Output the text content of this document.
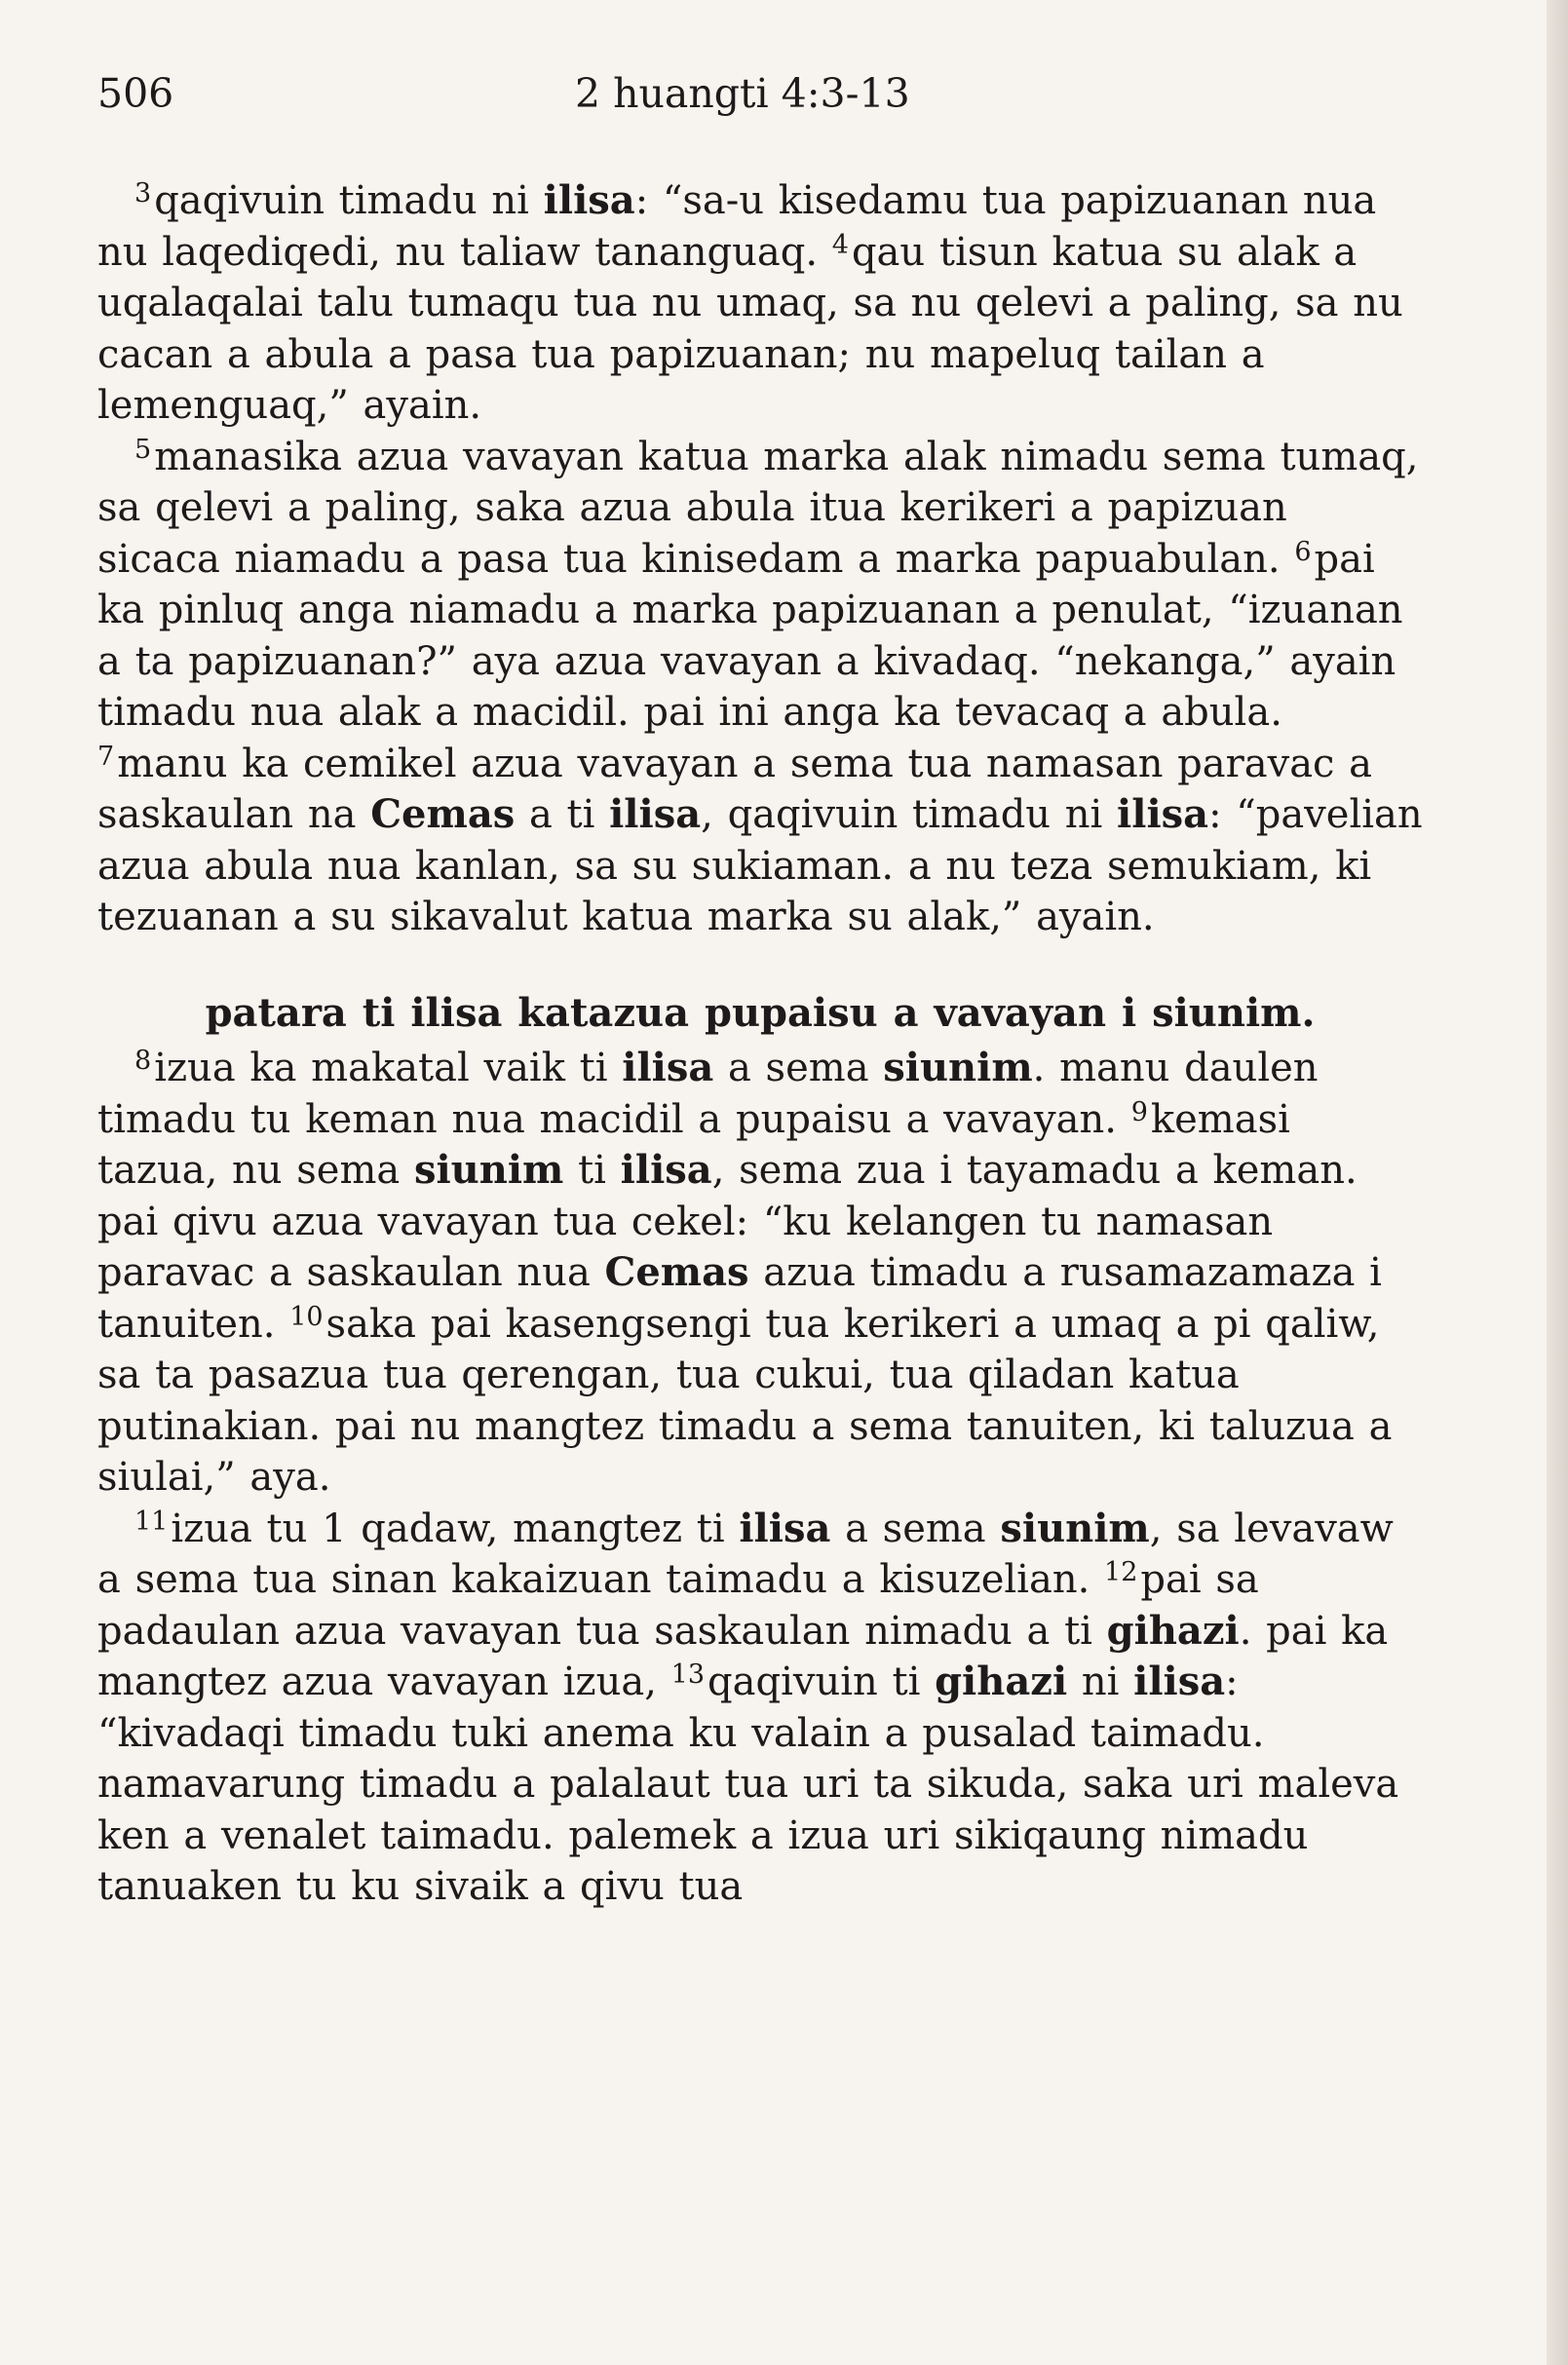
506	2 huangti 4:3-13

$^3$qaqivuin timadu ni ilisa: “sa-u kisedamu tua papizuanan nua nu laqediqedi, nu taliaw tananguaq. $^4$qau tisun katua su alak a uqalaqalai talu tumaqu tua nu umaq, sa nu qelevi a paling, sa nu cacan a abula a pasa tua papizuanan; nu mapeluq tailan a lemenguaq,” ayain.

$^5$manasika azua vavayan katua marka alak nimadu sema tumaq, sa qelevi a paling, saka azua abula itua kerikeri a papizuan sicaca niamadu a pasa tua kinisedam a marka papuabulan. $^6$pai ka pinluq anga niamadu a marka papizuanan a penulat, “izuanan a ta papizuanan?” aya azua vavayan a kivadaq. “nekanga,” ayain timadu nua alak a macidil. pai ini anga ka tevacaq a abula. $^7$manu ka cemikel azua vavayan a sema tua namasan paravac a saskaulan na Cemas a ti ilisa, qaqivuin timadu ni ilisa: “pavelian azua abula nua kanlan, sa su sukiaman. a nu teza semukiam, ki tezuanan a su sikavalut katua marka su alak,” ayain.

patara ti ilisa katazua pupaisu a vavayan i siunim.

$^8$izua ka makatal vaik ti ilisa a sema siunim. manu daulen timadu tu keman nua macidil a pupaisu a vavayan. $^9$kemasi tazua, nu sema siunim ti ilisa, sema zua i tayamadu a keman. pai qivu azua vavayan tua cekel: “ku kelangen tu namasan paravac a saskaulan nua Cemas azua timadu a rusamazamaza i tanuiten. $^{10}$saka pai kasengsengi tua kerikeri a umaq a pi qaliw, sa ta pasazua tua qerengan, tua cukui, tua qiladan katua putinakian. pai nu mangtez timadu a sema tanuiten, ki taluzua a siulai,” aya.

$^{11}$izua tu 1 qadaw, mangtez ti ilisa a sema siunim, sa levavaw a sema tua sinan kakaizuan taimadu a kisuzelian. $^{12}$pai sa padaulan azua vavayan tua saskaulan nimadu a ti gihazi. pai ka mangtez azua vavayan izua, $^{13}$qaqivuin ti gihazi ni ilisa: “kivadaqi timadu tuki anema ku valain a pusalad taimadu. namavarung timadu a palalaut tua uri ta sikuda, saka uri maleva ken a venalet taimadu. palemek a izua uri sikiqaung nimadu tanuaken tu ku sivaik a qivu tua
